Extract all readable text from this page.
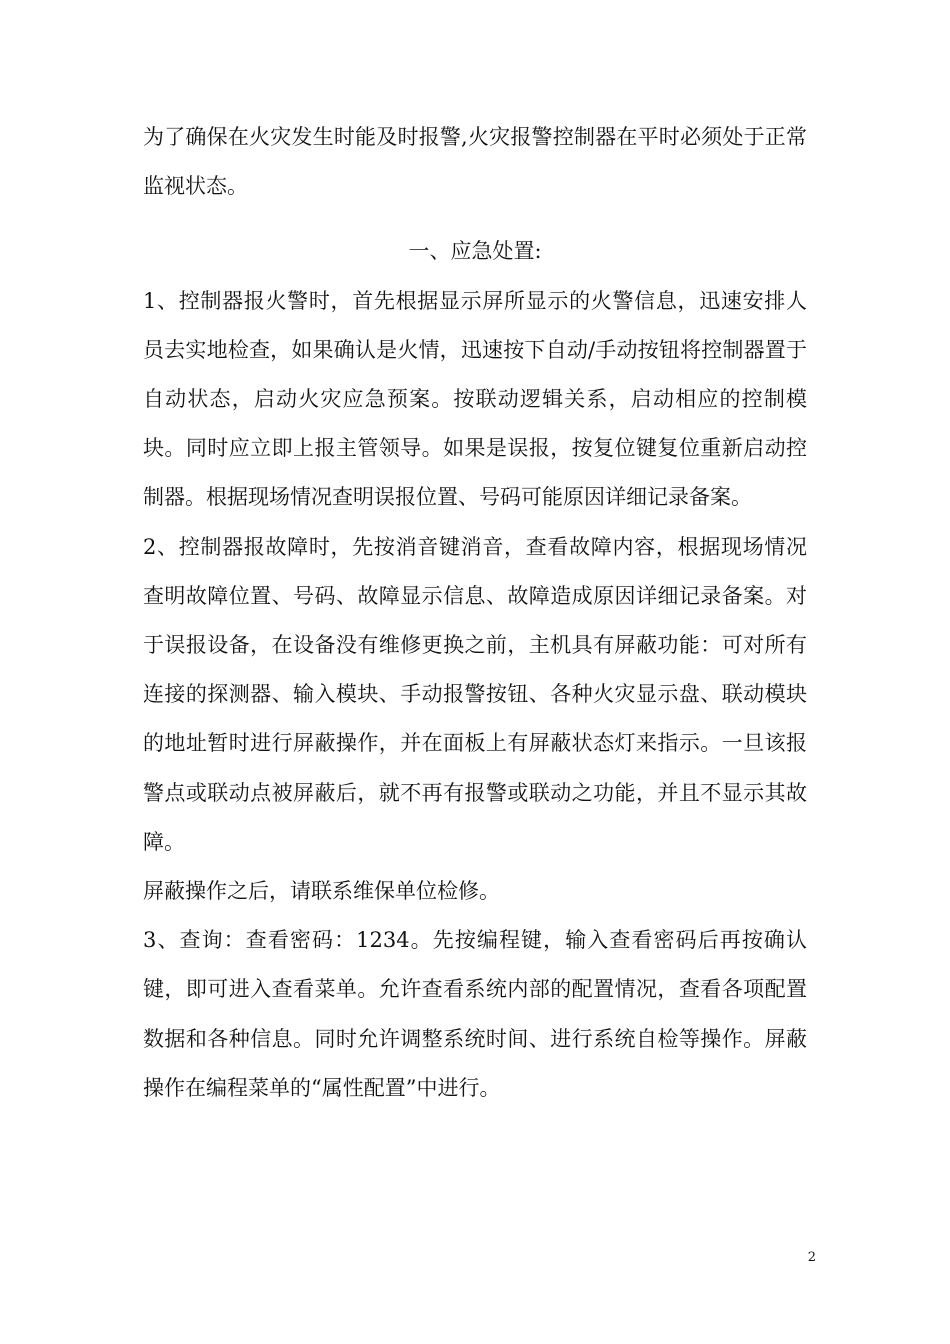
为了确保在火灾发生时能及时报警,火灾报警控制器在平时必须处于正常监视状态。

一、应急处置:

1、控制器报火警时，首先根据显示屏所显示的火警信息，迅速安排人员去实地检查，如果确认是火情，迅速按下自动/手动按钮将控制器置于自动状态，启动火灾应急预案。按联动逻辑关系，启动相应的控制模块。同时应立即上报主管领导。如果是误报，按复位键复位重新启动控制器。根据现场情况查明误报位置、号码可能原因详细记录备案。

2、控制器报故障时，先按消音键消音，查看故障内容，根据现场情况查明故障位置、号码、故障显示信息、故障造成原因详细记录备案。对于误报设备，在设备没有维修更换之前，主机具有屏蔽功能：可对所有连接的探测器、输入模块、手动报警按钮、各种火灾显示盘、联动模块的地址暂时进行屏蔽操作，并在面板上有屏蔽状态灯来指示。一旦该报警点或联动点被屏蔽后，就不再有报警或联动之功能，并且不显示其故障。

屏蔽操作之后，请联系维保单位检修。

3、查询：查看密码：1234。先按编程键，输入查看密码后再按确认键，即可进入查看菜单。允许查看系统内部的配置情况，查看各项配置数据和各种信息。同时允许调整系统时间、进行系统自检等操作。屏蔽操作在编程菜单的“属性配置”中进行。

2
